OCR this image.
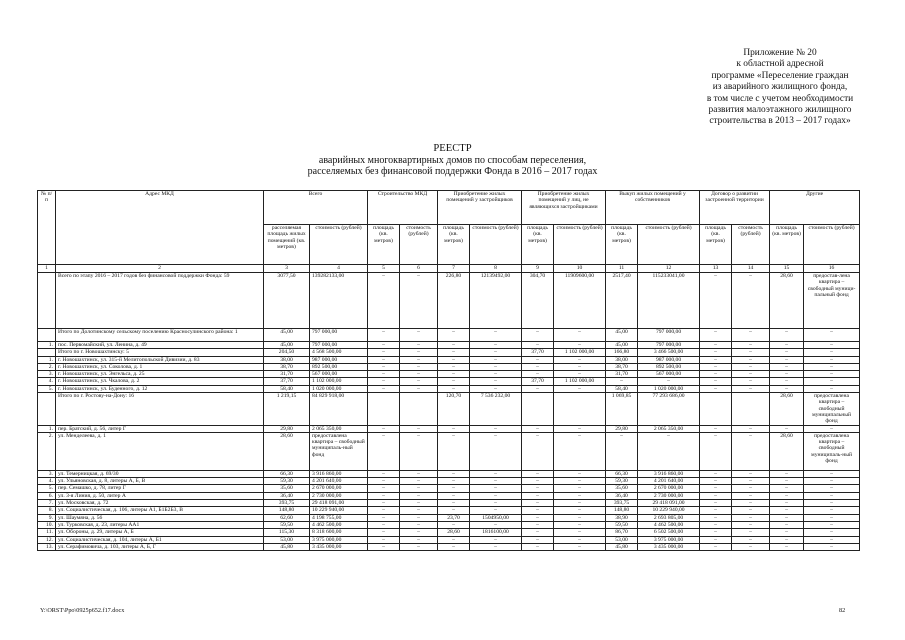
Приложение № 20
к областной адресной
программе «Переселение граждан
из аварийного жилищного фонда,
в том числе с учетом необходимости
развития малоэтажного жилищного
строительства в 2013 – 2017 годах»
РЕЕСТР
аварийных многоквартирных домов по способам переселения,
расселяемых без финансовой поддержки Фонда в 2016 – 2017 годах
№ п/п	Адрес МКД	Всего		Строительство МКД		Приобретение жилых помещений у застройщиков		Приобретение жилых помещений у лиц, не являющихся застройщиками		Выкуп жилых помещений у собственников		Договор о развитии застроенной территории		Другие	
		расселяемая площадь жилых помещений (кв. метров)	стоимость (рублей)	площадь (кв. метров)	стоимость (рублей)	площадь (кв. метров)	стоимость (рублей)	площадь (кв. метров)	стоимость (рублей)	площадь (кв. метров)	стоимость (рублей)	площадь (кв. метров)	стоимость (рублей)	площадь (кв. метров)	стоимость (рублей)
1	2	3	4	5	6	7	8	9	10	11	12	13	14	15	16
	Всего по этапу 2016 – 2017 годов без финансовой поддержки Фонда: 59	3077,50	139282133,00	–	–	226,80	12139492,00	304,70	11909600,00	2517,40	115233041,00	–	–	28,60	предостав-лена квартира – свободный муници-пальный фонд
	Итого по Долотинскому сельскому поселению Красносулинского района: 1	45,00	797 000,00	–	–	–	–	–	–	45,00	797 000,00	–	–	–	–
1.	пос. Первомайский, ул. Ленина, д. 49	45,00	797 000,00	–	–	–	–	–	–	45,00	797 000,00	–	–	–	–
	Итого по г. Новошахтинску: 5	204,50	4 568 500,00	–	–	–	–	37,70	1 102 000,00	166,80	3 466 500,00	–	–	–	–
1.	г. Новошахтинск, ул. 315-й Мелитопольской Дивизии, д. 83	38,00	987 000,00	–	–	–	–	–	–	38,00	987 000,00	–	–	–	–
2.	г. Новошахтинск, ул. Соколова, д. 1	38,70	892 500,00	–	–	–	–	–	–	38,70	892 500,00	–	–	–	–
3.	г. Новошахтинск, ул. Энгельса, д. 25	31,70	567 000,00	–	–	–	–	–	–	31,70	567 000,00	–	–	–	–
4.	г. Новошахтинск, ул. Чкалова, д. 2	37,70	1 102 000,00	–	–	–	–	37,70	1 102 000,00	–	–	–	–	–	–
5.	г. Новошахтинск, ул. Буденного, д. 12	58,40	1 020 000,00	–	–	–	–	–	–	58,40	1 020 000,00	–	–	–	–
	Итого по г. Ростову-на-Дону: 16	1 219,15	84 829 918,00			120,70	7 536 232,00			1 069,85	77 293 686,00			28,60	предоставлена квартира – свободный муниципальный фонд
1.	пер. Братский, д. 56, литер Г	29,80	2 065 350,00	–	–	–	–	–	–	29,80	2 065 350,00	–	–	–	–
2.	ул. Менделеева, д. 1	28,60	предоставлена квартира – свободный муниципаль-ный фонд	–	–	–	–	–	–	–	–	–	–	28,60	предоставлена квартира – свободный муниципаль-ный фонд
3.	ул. Темерницкая, д. 69/30	66,30	3 916 860,00	–	–	–	–	–	–	66,30	3 916 860,00	–	–	–	–
4.	ул. Ульяновская, д. 8, литеры А, Б, В	59,30	4 201 640,00	–	–	–	–	–	–	59,30	4 201 640,00	–	–	–	–
5.	пер. Семашко, д. 78, литер Г	35,60	2 670 000,00	–	–	–	–	–	–	35,60	2 670 000,00	–	–	–	–
6.	ул. 3-я Линия, д. 50, литер А	36,40	2 730 000,00	–	–	–	–	–	–	36,40	2 730 000,00	–	–	–	–
7.	ул. Московская, д. 72	393,75	29 418 091,00	–	–	–	–	–	–	393,75	29 418 091,00	–	–	–	–
8.	ул. Социалистическая, д. 106, литеры А1, Б1Б2Б3, В	148,80	10 229 940,00	–	–	–	–	–	–	148,80	10 229 940,00	–	–	–	–
9.	ул. Шаумяна, д. 56	62,60	4 198 755,00	–	–	23,70	1504950,00	–	–	38,90	2 693 805,00	–	–	–	–
10.	ул. Турковская, д. 23, литеры АА1	59,50	4 462 500,00	–	–	–	–	–	–	59,50	4 462 500,00	–	–	–	–
11.	ул. Обороны, д. 29, литеры А, Б	115,30	8 318 600,00	–	–	28,60	1816100,00	–	–	86,70	6 502 500,00	–	–	–	–
12.	ул. Социалистическая, д. 104, литеры А, Б1	53,00	3 975 000,00	–	–	–	–	–	–	53,00	3 975 000,00	–	–	–	–
13.	ул. Серафимовича, д. 103, литеры А, Б, Г	45,80	3 435 000,00	–	–	–	–	–	–	45,80	3 435 000,00	–	–	–	–
Y:\ORST\Ppo\0925p652.f17.docx	82
